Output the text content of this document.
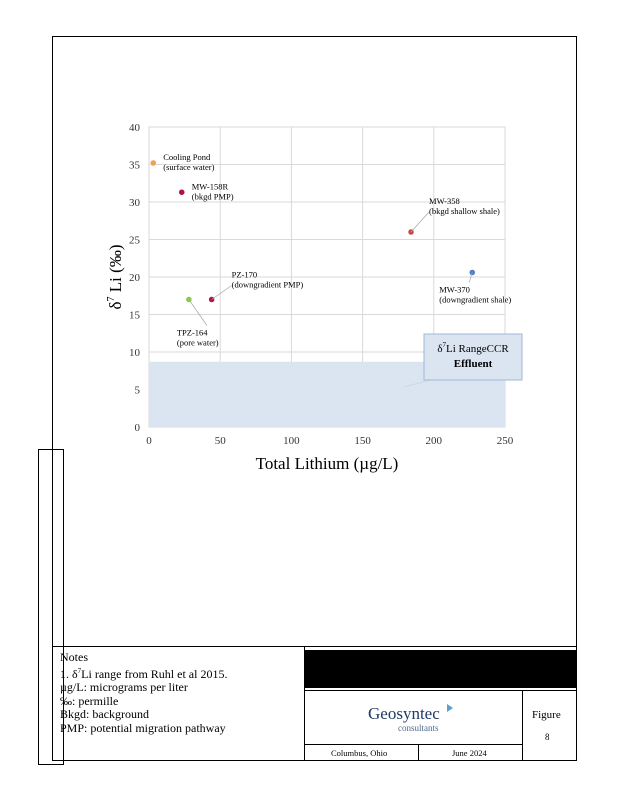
0
5
10
15
20
25
30
35
40
0	50	100	150	200	250
Total Lithium (µg/L)
$\delta^7$ Li (‰)
Cooling Pond
(surface water)
MW-158R
(bkgd PMP)	MW-358
(bkgd shallow shale)
MW-370
(downgradient shale)
PZ-170
(downgradient PMP)
TPZ-164
(pore water)
$\delta^7Li$ RangeCCR
Effluent
Notes
1. $\delta^7Li$ range from Ruhl et al 2015.
µg/L: micrograms per liter
‰: permille
Bkgd: background
PMP: potential migration pathway
Geosyntec
consultants
Figure
8
Columbus, Ohio	June 2024
